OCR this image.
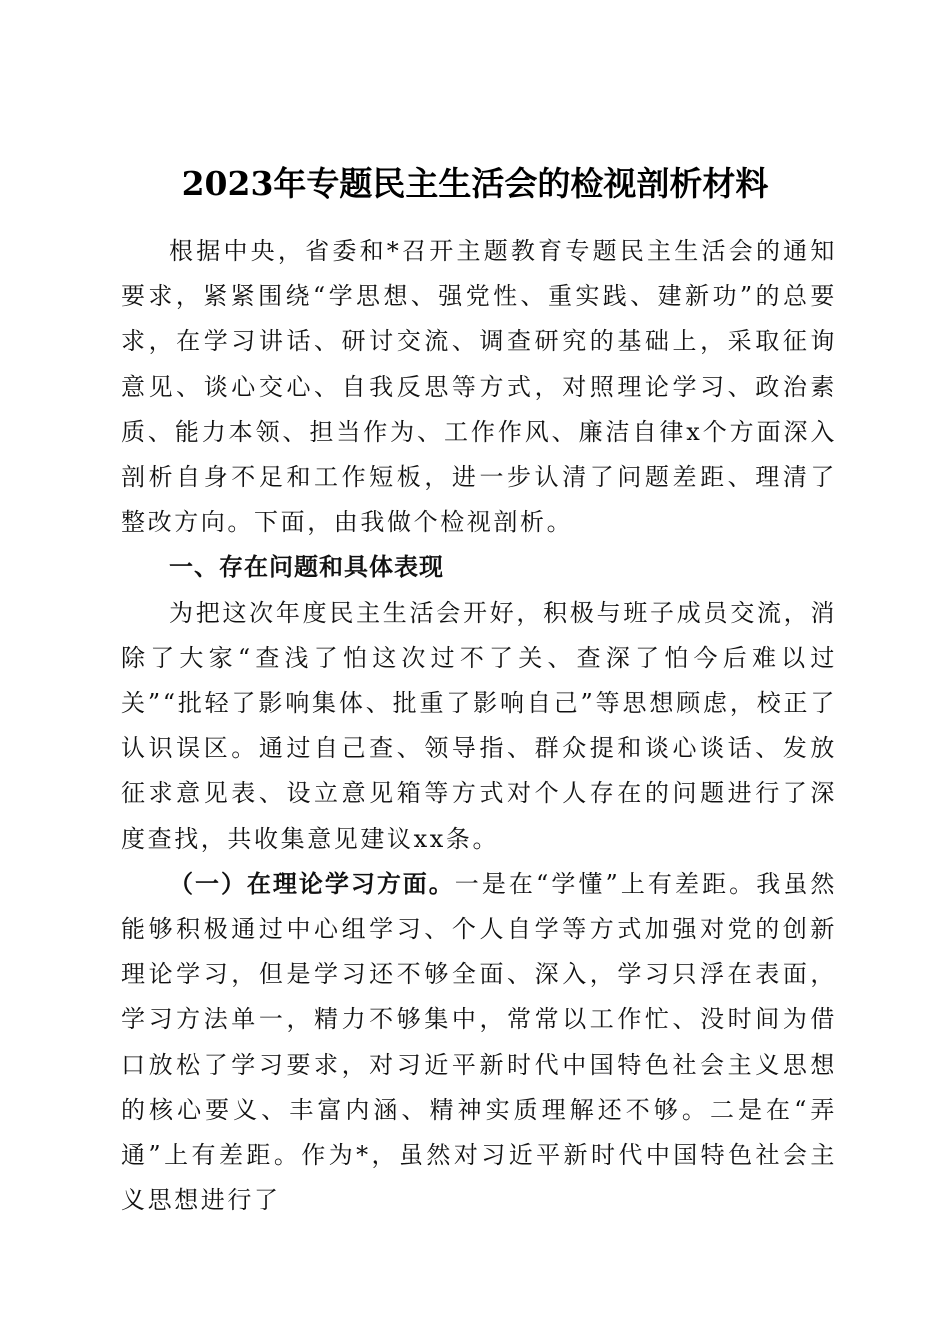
2023年专题民主生活会的检视剖析材料

根据中央，省委和*召开主题教育专题民主生活会的通知要求，紧紧围绕“学思想、强党性、重实践、建新功”的总要求，在学习讲话、研讨交流、调查研究的基础上，采取征询意见、谈心交心、自我反思等方式，对照理论学习、政治素质、能力本领、担当作为、工作作风、廉洁自律x个方面深入剖析自身不足和工作短板，进一步认清了问题差距、理清了整改方向。下面，由我做个检视剖析。

一、存在问题和具体表现

为把这次年度民主生活会开好，积极与班子成员交流，消除了大家“查浅了怕这次过不了关、查深了怕今后难以过关”“批轻了影响集体、批重了影响自己”等思想顾虑，校正了认识误区。通过自己查、领导指、群众提和谈心谈话、发放征求意见表、设立意见箱等方式对个人存在的问题进行了深度查找，共收集意见建议xx条。

（一）在理论学习方面。一是在“学懂”上有差距。我虽然能够积极通过中心组学习、个人自学等方式加强对党的创新理论学习，但是学习还不够全面、深入，学习只浮在表面，学习方法单一，精力不够集中，常常以工作忙、没时间为借口放松了学习要求，对习近平新时代中国特色社会主义思想的核心要义、丰富内涵、精神实质理解还不够。二是在“弄通”上有差距。作为*，虽然对习近平新时代中国特色社会主义思想进行了
